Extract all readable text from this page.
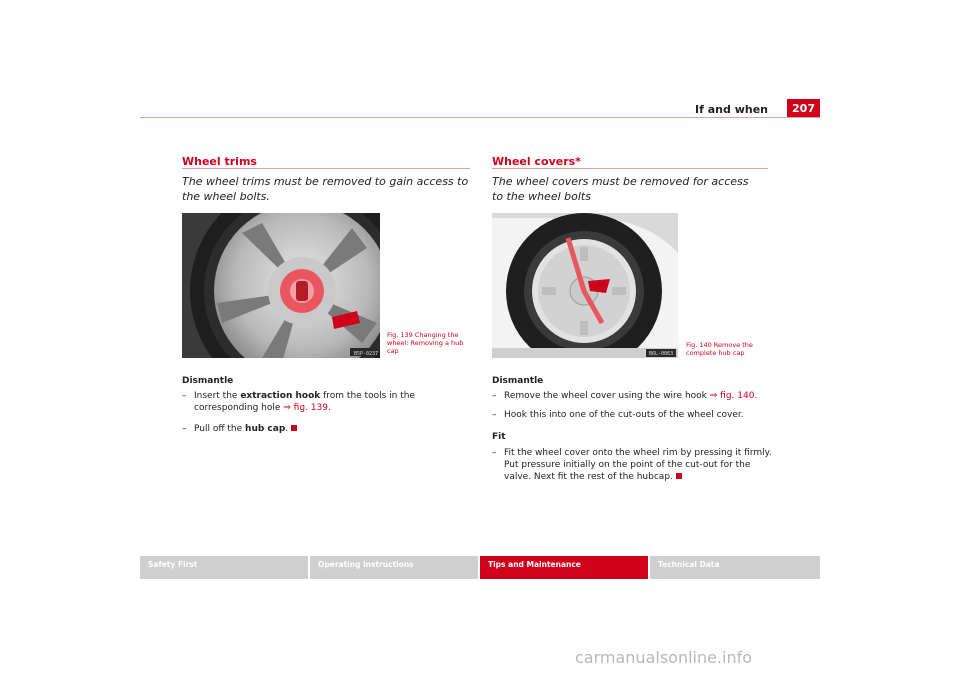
If and when	207
Wheel trims
The wheel trims must be removed to gain access to the wheel bolts.
B5P-0237
Fig. 139 Changing the wheel: Removing a hub cap
Dismantle
– Insert the extraction hook from the tools in the corresponding hole ⇒ fig. 139.
– Pull off the hub cap.
Wheel covers*
The wheel covers must be removed for access to the wheel bolts
B6L-0063
Fig. 140 Remove the complete hub cap
Dismantle
– Remove the wheel cover using the wire hook ⇒ fig. 140.
– Hook this into one of the cut-outs of the wheel cover.
Fit
– Fit the wheel cover onto the wheel rim by pressing it firmly. Put pressure initially on the point of the cut-out for the valve. Next fit the rest of the hubcap.
Safety First	Operating instructions	Tips and Maintenance	Technical Data
carmanualsonline.info
